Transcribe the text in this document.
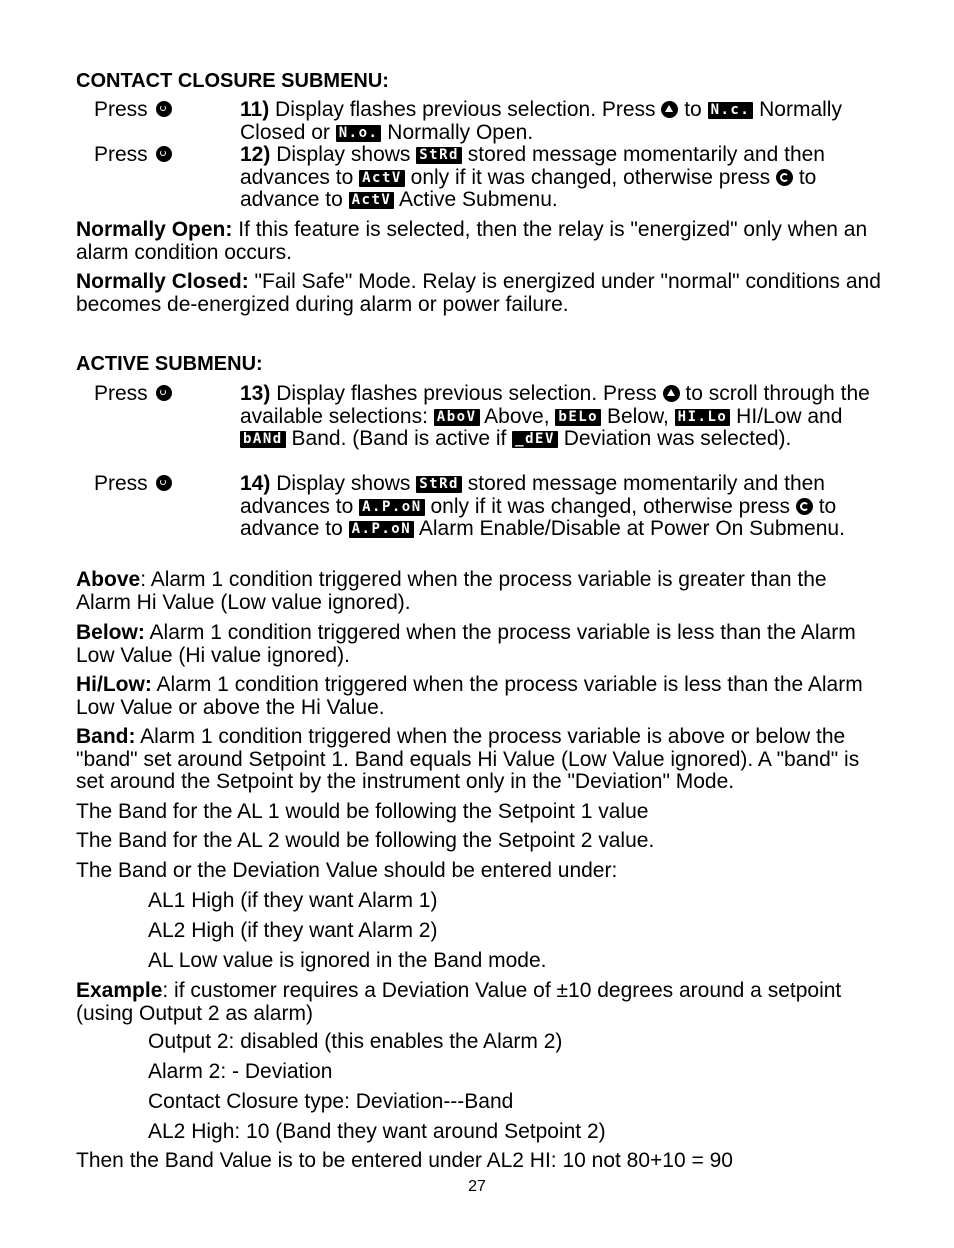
CONTACT CLOSURE SUBMENU:
Press	11) Display flashes previous selection. Press  to N.c. Normally Closed or N.o. Normally Open.
Press	12) Display shows StRd stored message momentarily and then advances to ActV only if it was changed, otherwise press  to advance to ActV Active Submenu.
Normally Open: If this feature is selected, then the relay is "energized" only when an alarm condition occurs.
Normally Closed: "Fail Safe" Mode. Relay is energized under "normal" conditions and becomes de-energized during alarm or power failure.
ACTIVE SUBMENU:
Press	13) Display flashes previous selection. Press  to scroll through the available selections: AboV Above, bELo Below, HI.Lo HI/Low and bANd Band. (Band is active if _dEV Deviation was selected).
Press	14) Display shows StRd stored message momentarily and then advances to A.P.oN only if it was changed, otherwise press  to advance to A.P.oN Alarm Enable/Disable at Power On Submenu.
Above: Alarm 1 condition triggered when the process variable is greater than the Alarm Hi Value (Low value ignored).
Below: Alarm 1 condition triggered when the process variable is less than the Alarm Low Value (Hi value ignored).
Hi/Low: Alarm 1 condition triggered when the process variable is less than the Alarm Low Value or above the Hi Value.
Band: Alarm 1 condition triggered when the process variable is above or below the "band" set around Setpoint 1. Band equals Hi Value (Low Value ignored). A "band" is set around the Setpoint by the instrument only in the "Deviation" Mode.
The Band for the AL 1 would be following the Setpoint 1 value
The Band for the AL 2 would be following the Setpoint 2 value.
The Band or the Deviation Value should be entered under:
AL1 High (if they want Alarm 1)
AL2 High (if they want Alarm 2)
AL Low value is ignored in the Band mode.
Example: if customer requires a Deviation Value of ±10 degrees around a setpoint (using Output 2 as alarm)
Output 2: disabled (this enables the Alarm 2)
Alarm 2: - Deviation
Contact Closure type: Deviation---Band
AL2 High: 10 (Band they want around Setpoint 2)
Then the Band Value is to be entered under AL2 HI: 10 not 80+10 = 90
27
